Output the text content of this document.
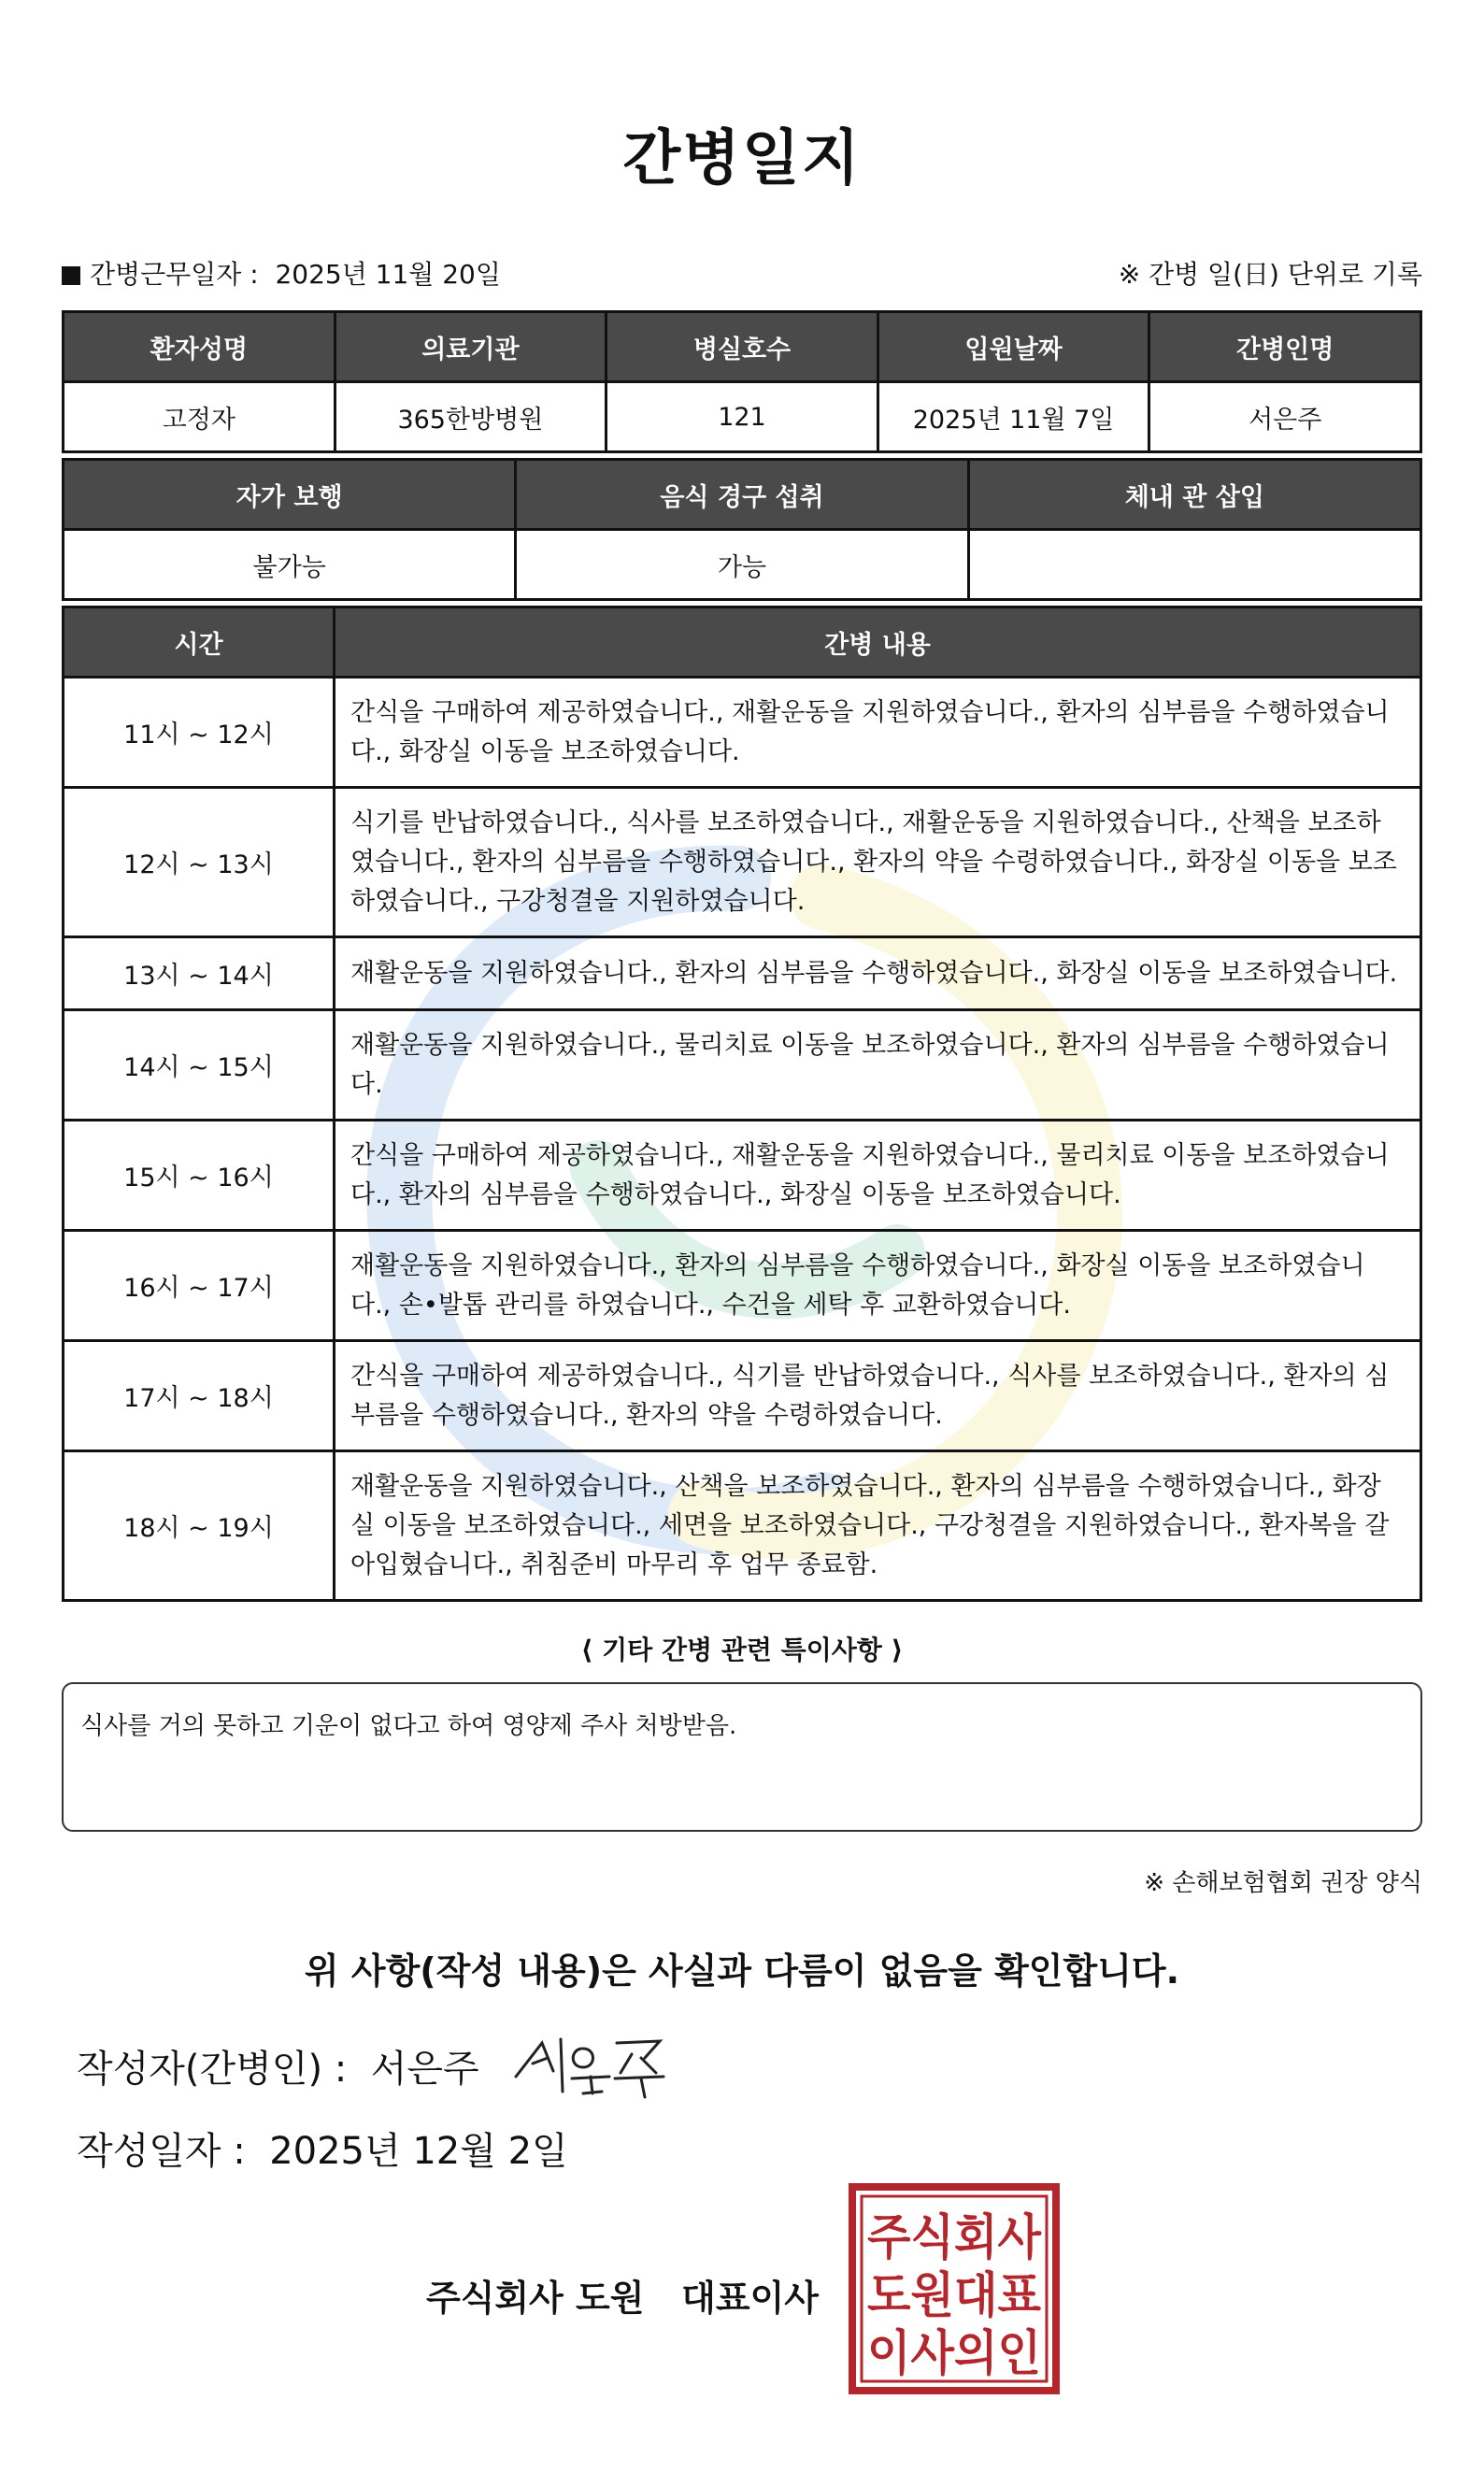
간병일지
간병근무일자 : 2025년 11월 20일	※ 간병 일(日) 단위로 기록
환자성명	의료기관	병실호수	입원날짜	간병인명
고정자	365한방병원	121	2025년 11월 7일	서은주
자가 보행	음식 경구 섭취	체내 관 삽입
불가능	가능	
시간	간병 내용
11시 ~ 12시	간식을 구매하여 제공하였습니다., 재활운동을 지원하였습니다., 환자의 심부름을 수행하였습니다., 화장실 이동을 보조하였습니다.
12시 ~ 13시	식기를 반납하였습니다., 식사를 보조하였습니다., 재활운동을 지원하였습니다., 산책을 보조하였습니다., 환자의 심부름을 수행하였습니다., 환자의 약을 수령하였습니다., 화장실 이동을 보조하였습니다., 구강청결을 지원하였습니다.
13시 ~ 14시	재활운동을 지원하였습니다., 환자의 심부름을 수행하였습니다., 화장실 이동을 보조하였습니다.
14시 ~ 15시	재활운동을 지원하였습니다., 물리치료 이동을 보조하였습니다., 환자의 심부름을 수행하였습니다.
15시 ~ 16시	간식을 구매하여 제공하였습니다., 재활운동을 지원하였습니다., 물리치료 이동을 보조하였습니다., 환자의 심부름을 수행하였습니다., 화장실 이동을 보조하였습니다.
16시 ~ 17시	재활운동을 지원하였습니다., 환자의 심부름을 수행하였습니다., 화장실 이동을 보조하였습니다., 손•발톱 관리를 하였습니다., 수건을 세탁 후 교환하였습니다.
17시 ~ 18시	간식을 구매하여 제공하였습니다., 식기를 반납하였습니다., 식사를 보조하였습니다., 환자의 심부름을 수행하였습니다., 환자의 약을 수령하였습니다.
18시 ~ 19시	재활운동을 지원하였습니다., 산책을 보조하였습니다., 환자의 심부름을 수행하였습니다., 화장실 이동을 보조하였습니다., 세면을 보조하였습니다., 구강청결을 지원하였습니다., 환자복을 갈아입혔습니다., 취침준비 마무리 후 업무 종료함.
⟨ 기타 간병 관련 특이사항 ⟩
식사를 거의 못하고 기운이 없다고 하여 영양제 주사 처방받음.
※ 손해보험협회 권장 양식
위 사항(작성 내용)은 사실과 다름이 없음을 확인합니다.
작성자(간병인) : 서은주
작성일자 : 2025년 12월 2일
주식회사 도원   대표이사
주식회사
도원대표
이사의인
